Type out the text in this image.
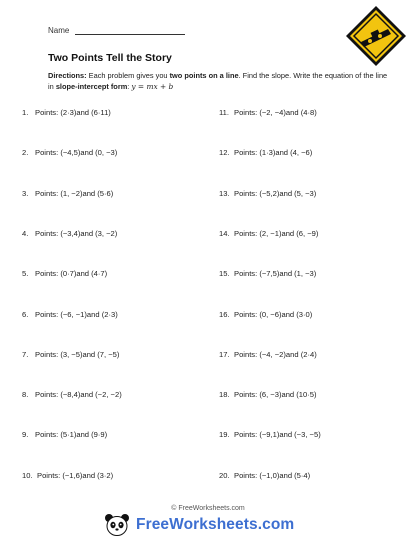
Name
Two Points Tell the Story
Directions: Each problem gives you two points on a line. Find the slope. Write the equation of the line in slope-intercept form: y = mx + b
1. Points: (2·3)and (6·11)
2. Points: (−4,5)and (0, −3)
3. Points: (1, −2)and (5·6)
4. Points: (−3,4)and (3, −2)
5. Points: (0·7)and (4·7)
6. Points: (−6, −1)and (2·3)
7. Points: (3, −5)and (7, −5)
8. Points: (−8,4)and (−2, −2)
9. Points: (5·1)and (9·9)
10. Points: (−1,6)and (3·2)
11. Points: (−2, −4)and (4·8)
12. Points: (1·3)and (4, −6)
13. Points: (−5,2)and (5, −3)
14. Points: (2, −1)and (6, −9)
15. Points: (−7,5)and (1, −3)
16. Points: (0, −6)and (3·0)
17. Points: (−4, −2)and (2·4)
18. Points: (6, −3)and (10·5)
19. Points: (−9,1)and (−3, −5)
20. Points: (−1,0)and (5·4)
© FreeWorksheets.com
FreeWorksheets.com
